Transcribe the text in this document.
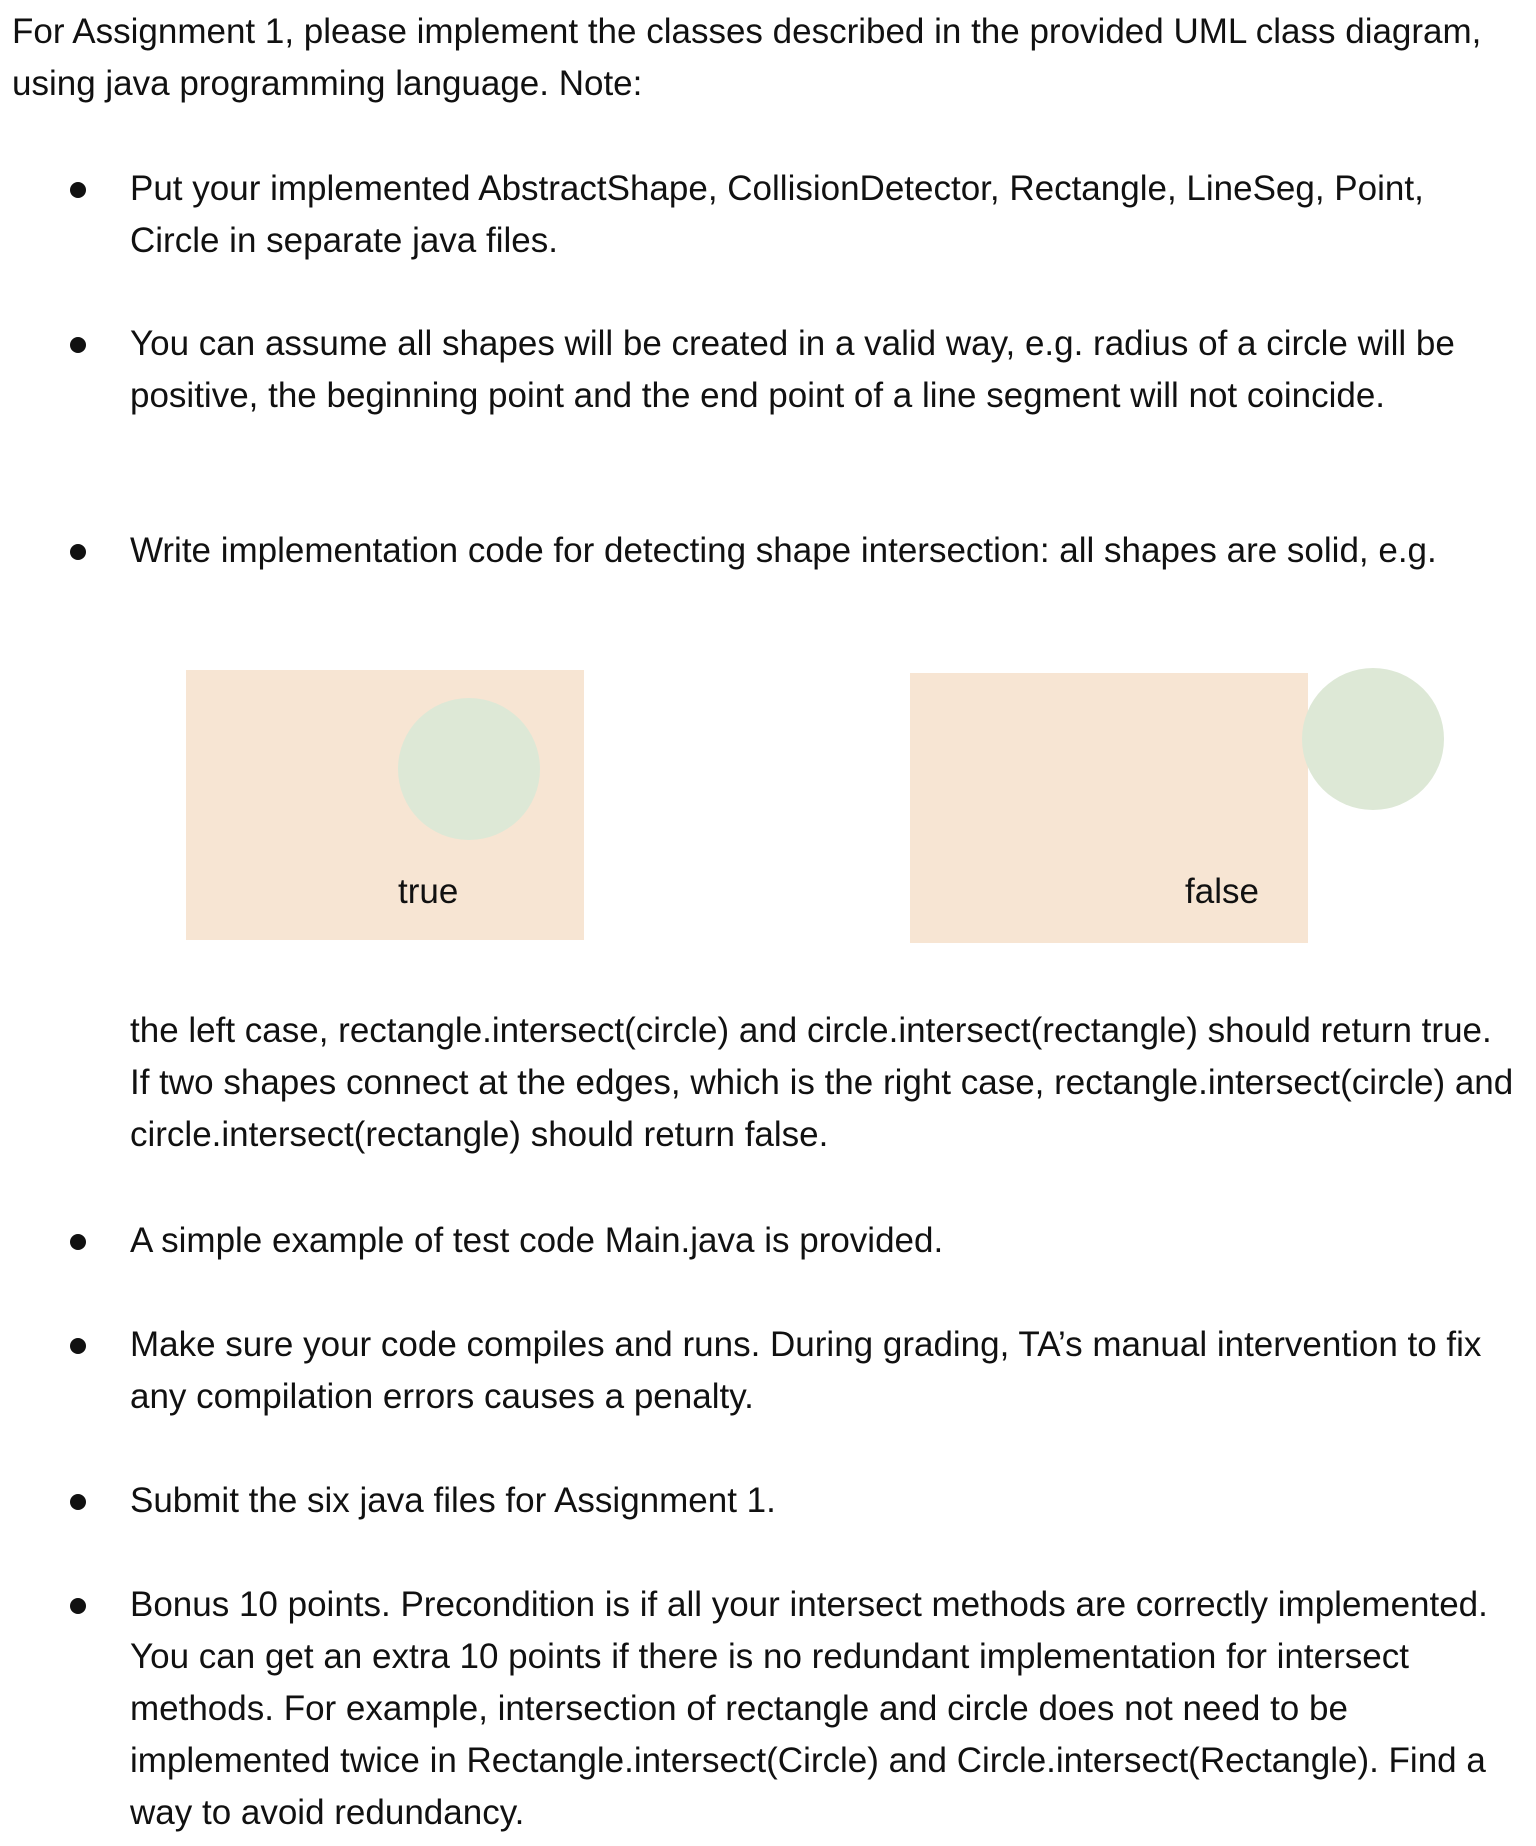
For Assignment 1, please implement the classes described in the provided UML class diagram, using java programming language. Note:

Put your implemented AbstractShape, CollisionDetector, Rectangle, LineSeg, Point, Circle in separate java files.

You can assume all shapes will be created in a valid way, e.g. radius of a circle will be positive, the beginning point and the end point of a line segment will not coincide.

Write implementation code for detecting shape intersection: all shapes are solid, e.g.

true	false

the left case, rectangle.intersect(circle) and circle.intersect(rectangle) should return true. If two shapes connect at the edges, which is the right case, rectangle.intersect(circle) and circle.intersect(rectangle) should return false.

A simple example of test code Main.java is provided.

Make sure your code compiles and runs. During grading, TA’s manual intervention to fix any compilation errors causes a penalty.

Submit the six java files for Assignment 1.

Bonus 10 points. Precondition is if all your intersect methods are correctly implemented. You can get an extra 10 points if there is no redundant implementation for intersect methods. For example, intersection of rectangle and circle does not need to be implemented twice in Rectangle.intersect(Circle) and Circle.intersect(Rectangle). Find a way to avoid redundancy.
